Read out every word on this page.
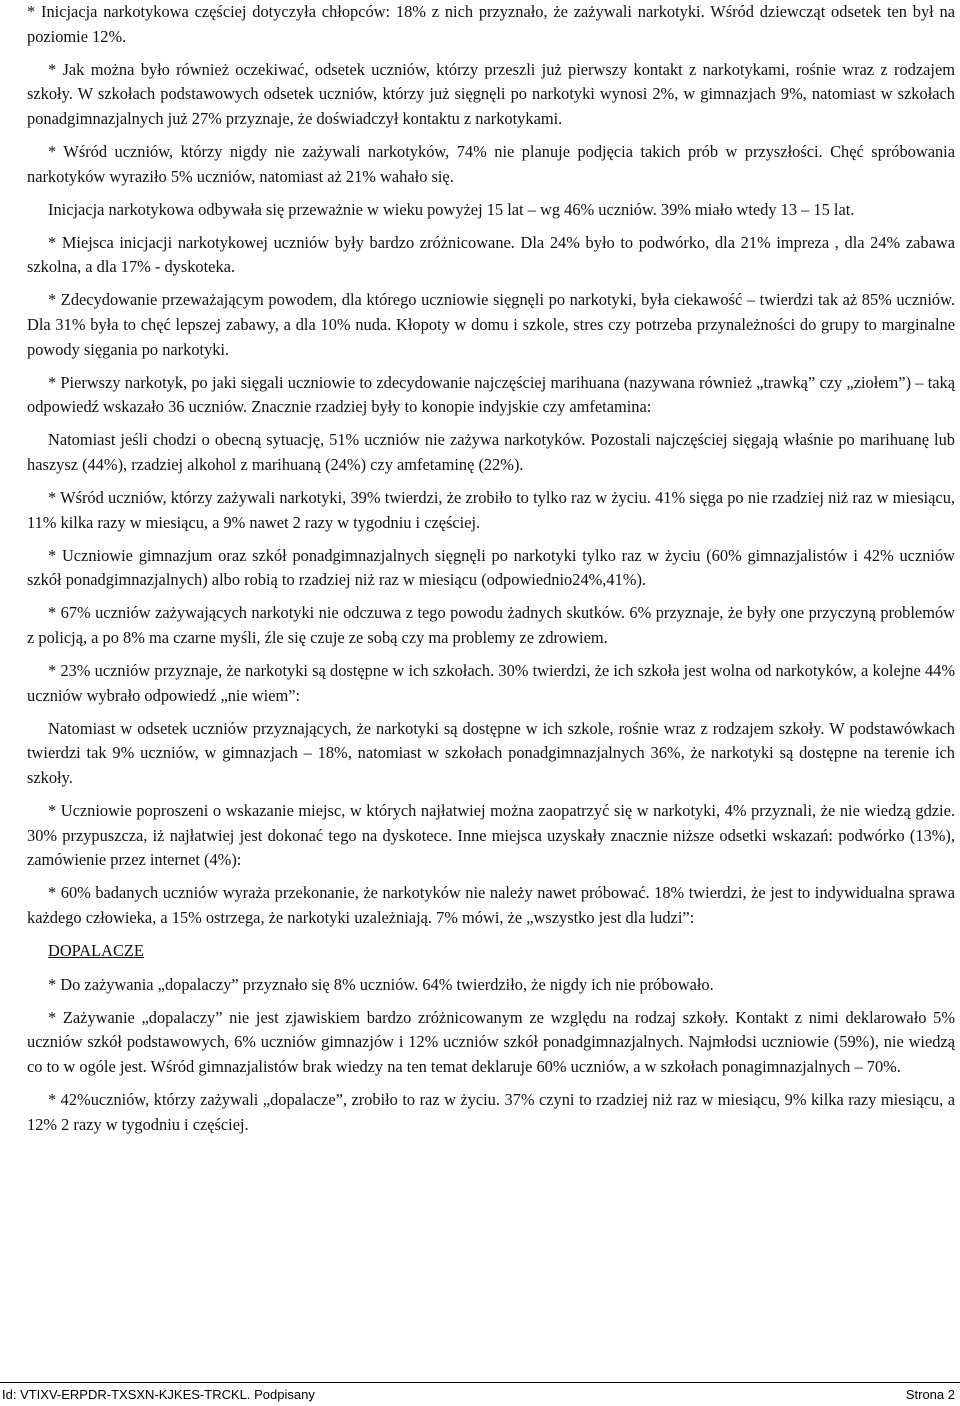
* Inicjacja narkotykowa częściej dotyczyła chłopców: 18% z nich przyznało, że zażywali narkotyki. Wśród dziewcząt odsetek ten był na poziomie 12%.

* Jak można było również oczekiwać, odsetek uczniów, którzy przeszli już pierwszy kontakt z narkotykami, rośnie wraz z rodzajem szkoły. W szkołach podstawowych odsetek uczniów, którzy już sięgnęli po narkotyki wynosi 2%, w gimnazjach 9%, natomiast w szkołach ponadgimnazjalnych już 27% przyznaje, że doświadczył kontaktu z narkotykami.

* Wśród uczniów, którzy nigdy nie zażywali narkotyków, 74% nie planuje podjęcia takich prób w przyszłości. Chęć spróbowania narkotyków wyraziło 5% uczniów, natomiast aż 21% wahało się.

Inicjacja narkotykowa odbywała się przeważnie w wieku powyżej 15 lat – wg 46% uczniów. 39% miało wtedy 13 – 15 lat.

* Miejsca inicjacji narkotykowej uczniów były bardzo zróżnicowane. Dla 24% było to podwórko, dla 21% impreza , dla 24% zabawa szkolna, a dla 17% - dyskoteka.

* Zdecydowanie przeważającym powodem, dla którego uczniowie sięgnęli po narkotyki, była ciekawość – twierdzi tak aż 85% uczniów. Dla 31% była to chęć lepszej zabawy, a dla 10% nuda. Kłopoty w domu i szkole, stres czy potrzeba przynależności do grupy to marginalne powody sięgania po narkotyki.

* Pierwszy narkotyk, po jaki sięgali uczniowie to zdecydowanie najczęściej marihuana (nazywana również „trawką” czy „ziołem”) – taką odpowiedź wskazało 36 uczniów. Znacznie rzadziej były to konopie indyjskie czy amfetamina:

Natomiast jeśli chodzi o obecną sytuację, 51% uczniów nie zażywa narkotyków. Pozostali najczęściej sięgają właśnie po marihuanę lub haszysz (44%), rzadziej alkohol z marihuaną (24%) czy amfetaminę (22%).

* Wśród uczniów, którzy zażywali narkotyki, 39% twierdzi, że zrobiło to tylko raz w życiu. 41% sięga po nie rzadziej niż raz w miesiącu, 11% kilka razy w miesiącu, a 9% nawet 2 razy w tygodniu i częściej.

* Uczniowie gimnazjum oraz szkół ponadgimnazjalnych sięgnęli po narkotyki tylko raz w życiu (60% gimnazjalistów i 42% uczniów szkół ponadgimnazjalnych) albo robią to rzadziej niż raz w miesiącu (odpowiednio24%,41%).

* 67% uczniów zażywających narkotyki nie odczuwa z tego powodu żadnych skutków. 6% przyznaje, że były one przyczyną problemów z policją, a po 8% ma czarne myśli, źle się czuje ze sobą czy ma problemy ze zdrowiem.

* 23% uczniów przyznaje, że narkotyki są dostępne w ich szkołach. 30% twierdzi, że ich szkoła jest wolna od narkotyków, a kolejne 44% uczniów wybrało odpowiedź „nie wiem”:

Natomiast w odsetek uczniów przyznających, że narkotyki są dostępne w ich szkole, rośnie wraz z rodzajem szkoły. W podstawówkach twierdzi tak 9% uczniów, w gimnazjach – 18%, natomiast w szkołach ponadgimnazjalnych 36%, że narkotyki są dostępne na terenie ich szkoły.

* Uczniowie poproszeni o wskazanie miejsc, w których najłatwiej można zaopatrzyć się w narkotyki, 4% przyznali, że nie wiedzą gdzie. 30% przypuszcza, iż najłatwiej jest dokonać tego na dyskotece. Inne miejsca uzyskały znacznie niższe odsetki wskazań: podwórko (13%), zamówienie przez internet (4%):

* 60% badanych uczniów wyraża przekonanie, że narkotyków nie należy nawet próbować. 18% twierdzi, że jest to indywidualna sprawa każdego człowieka, a 15% ostrzega, że narkotyki uzależniają. 7% mówi, że „wszystko jest dla ludzi”:

DOPALACZE

* Do zażywania „dopalaczy” przyznało się 8% uczniów. 64% twierdziło, że nigdy ich nie próbowało.

* Zażywanie „dopalaczy” nie jest zjawiskiem bardzo zróżnicowanym ze względu na rodzaj szkoły. Kontakt z nimi deklarowało 5% uczniów szkół podstawowych, 6% uczniów gimnazjów i 12% uczniów szkół ponadgimnazjalnych. Najmłodsi uczniowie (59%), nie wiedzą co to w ogóle jest. Wśród gimnazjalistów brak wiedzy na ten temat deklaruje 60% uczniów, a w szkołach ponagimnazjalnych – 70%.

* 42%uczniów, którzy zażywali „dopalacze”, zrobiło to raz w życiu. 37% czyni to rzadziej niż raz w miesiącu, 9% kilka razy miesiącu, a 12% 2 razy w tygodniu i częściej.

Id: VTIXV-ERPDR-TXSXN-KJKES-TRCKL. Podpisany	Strona 2
